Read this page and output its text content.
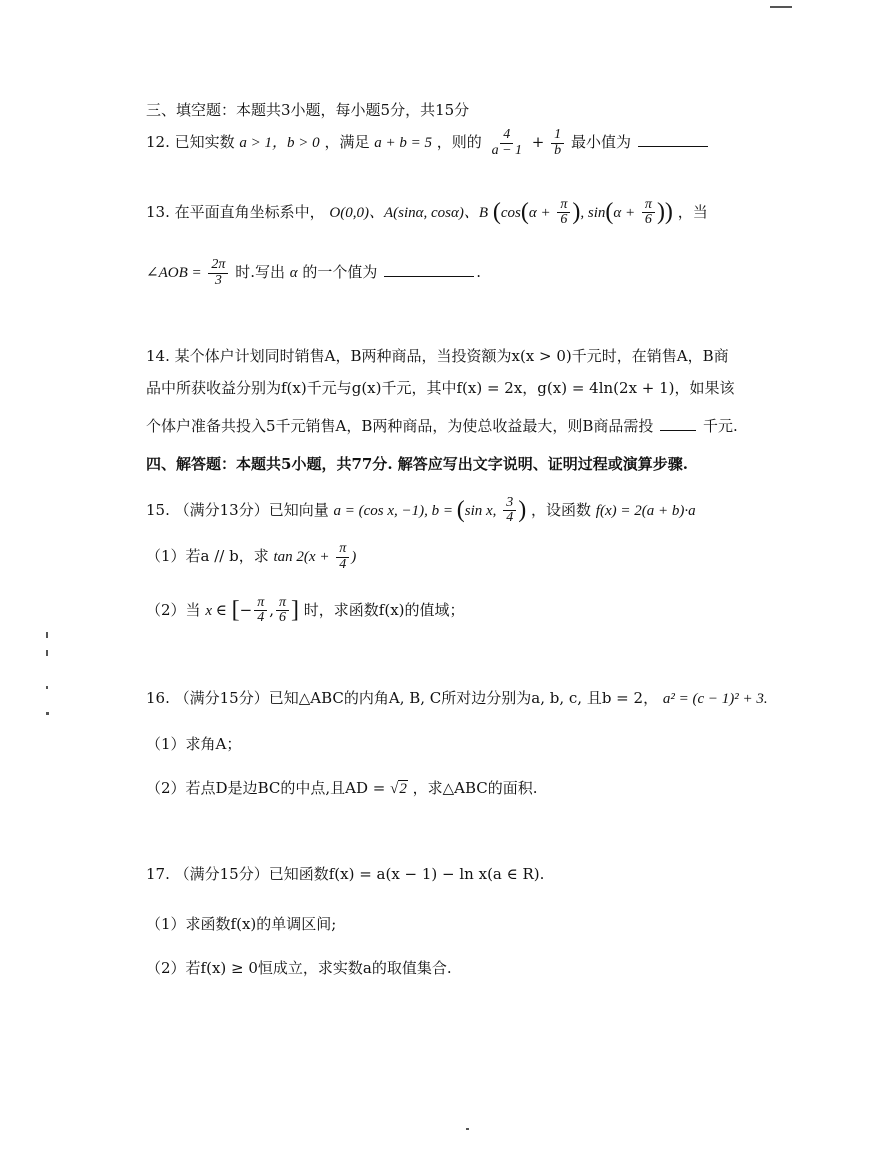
三、填空题：本题共3小题，每小题5分，共15分
12. 已知实数 a > 1，b > 0 ，满足 a + b = 5 ，则的 $\frac{4}{a - 1} + \frac{1}{b}$ 最小值为
13. 在平面直角坐标系中， O(0,0)、A(sinα, cosα)、B ($\cos(\alpha + \frac{\pi}{6}$ ), $\sin(\alpha + \frac{\pi}{6}$ )) ，当
∠AOB = $\frac{2\pi}{3}$ 时.写出 α 的一个值为	.
14. 某个体户计划同时销售A，B两种商品，当投资额为x(x > 0)千元时，在销售A，B商
品中所获收益分别为f(x)千元与g(x)千元，其中f(x) = 2x，g(x) = 4ln(2x + 1)，如果该
个体户准备共投入5千元销售A，B两种商品，为使总收益最大，则B商品需投	千元.
四、解答题：本题共5小题，共77分. 解答应写出文字说明、证明过程或演算步骤.
15. （满分13分）已知向量 a = (cos x, −1), b = (sin x, $\frac{3}{4}$ ) ，设函数 f(x) = 2(a + b)·a
（1）若a // b，求 $\tan 2(x + \frac{\pi}{4}$ )
（2）当 x ∈ [− $\frac{\pi}{4}$ , $\frac{\pi}{6}$ ] 时，求函数f(x)的值域；
16. （满分15分）已知△ABC的内角A, B, C所对边分别为a, b, c, 且b = 2， a² = (c − 1)² + 3.
（1）求角A；
（2）若点D是边BC的中点,且AD = √2 ，求△ABC的面积.
17. （满分15分）已知函数f(x) = a(x − 1) − ln x(a ∈ R).
（1）求函数f(x)的单调区间;
（2）若f(x) ≥ 0恒成立，求实数a的取值集合.
